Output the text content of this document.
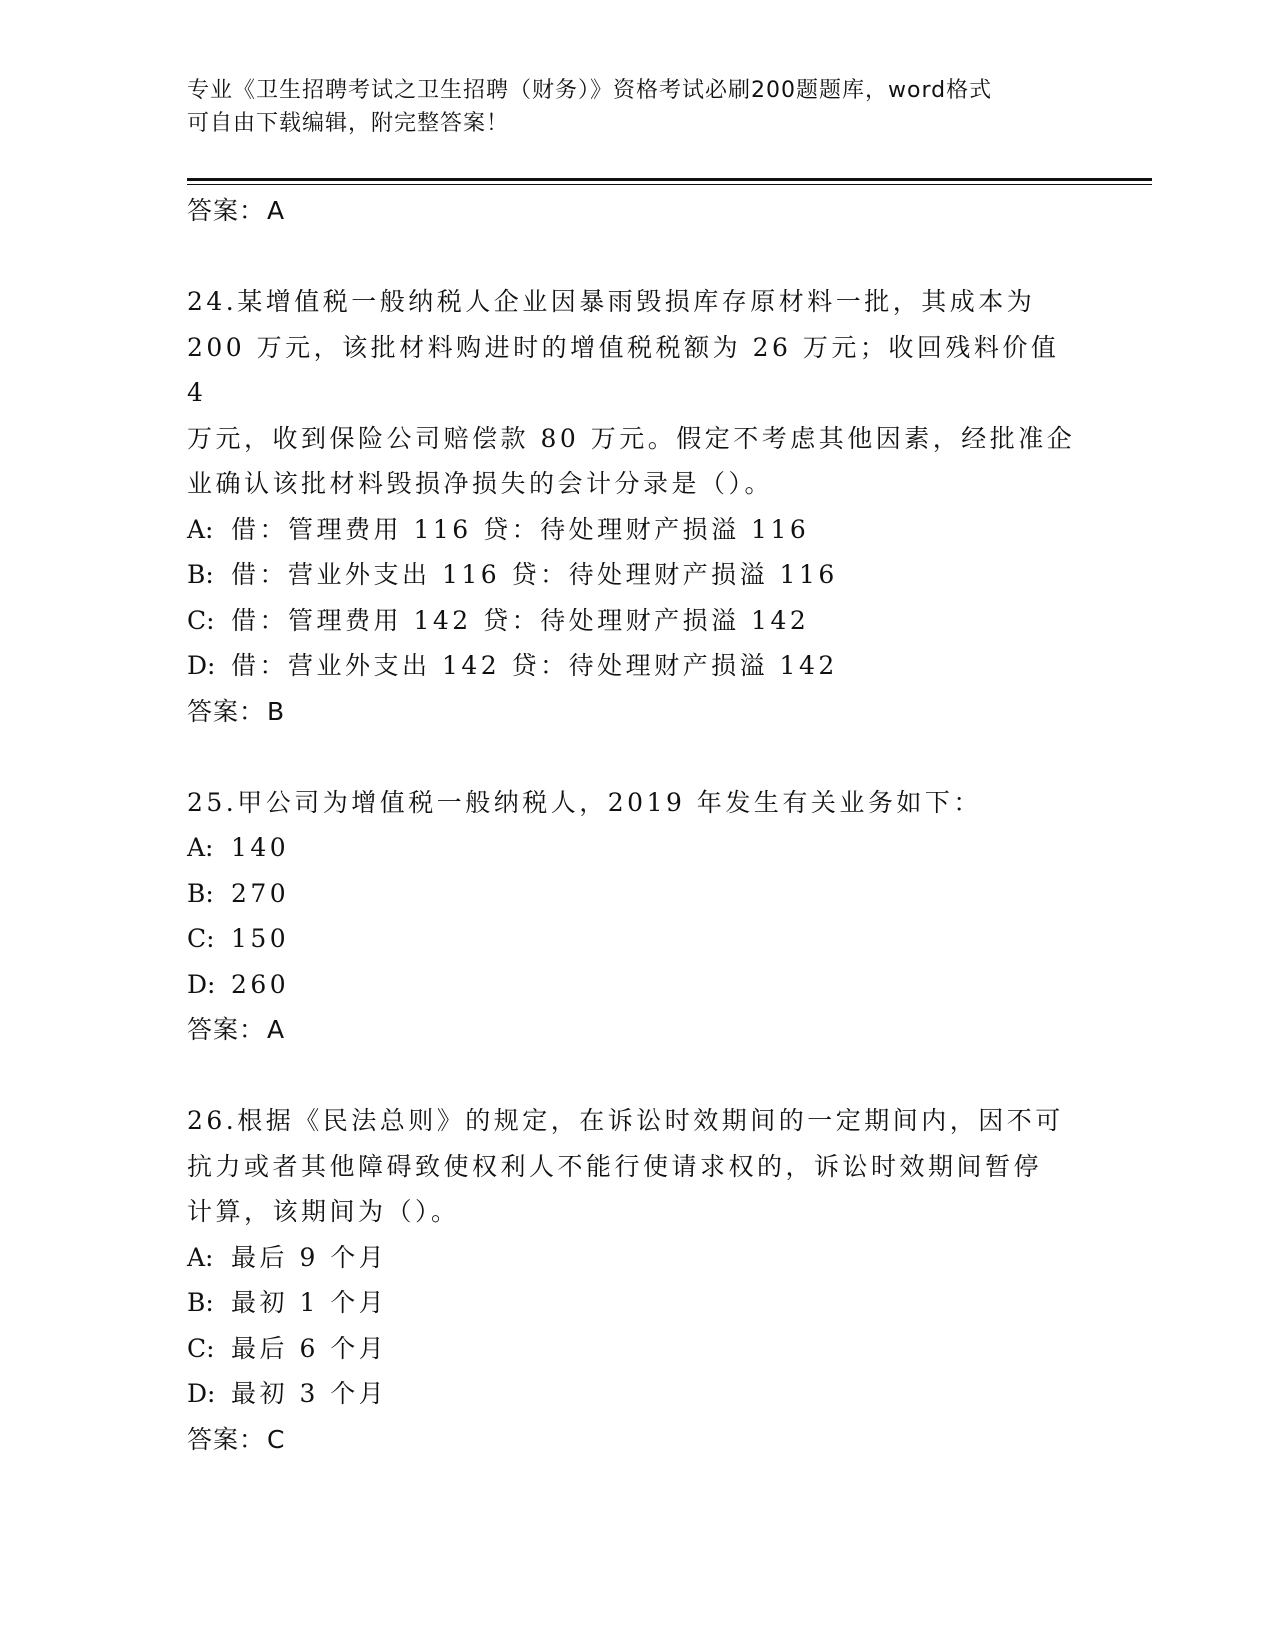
专业《卫生招聘考试之卫生招聘（财务）》资格考试必刷200题题库，word格式
可自由下载编辑，附完整答案！
答案：A
24.某增值税一般纳税人企业因暴雨毁损库存原材料一批，其成本为
200 万元，该批材料购进时的增值税税额为 26 万元；收回残料价值 4
万元，收到保险公司赔偿款 80 万元。假定不考虑其他因素，经批准企
业确认该批材料毁损净损失的会计分录是（）。
A: 借：管理费用 116 贷：待处理财产损溢 116
B: 借：营业外支出 116 贷：待处理财产损溢 116
C: 借：管理费用 142 贷：待处理财产损溢 142
D: 借：营业外支出 142 贷：待处理财产损溢 142
答案：B
25.甲公司为增值税一般纳税人，2019 年发生有关业务如下：
A: 140
B: 270
C: 150
D: 260
答案：A
26.根据《民法总则》的规定，在诉讼时效期间的一定期间内，因不可
抗力或者其他障碍致使权利人不能行使请求权的，诉讼时效期间暂停
计算，该期间为（）。
A: 最后 9 个月
B: 最初 1 个月
C: 最后 6 个月
D: 最初 3 个月
答案：C
